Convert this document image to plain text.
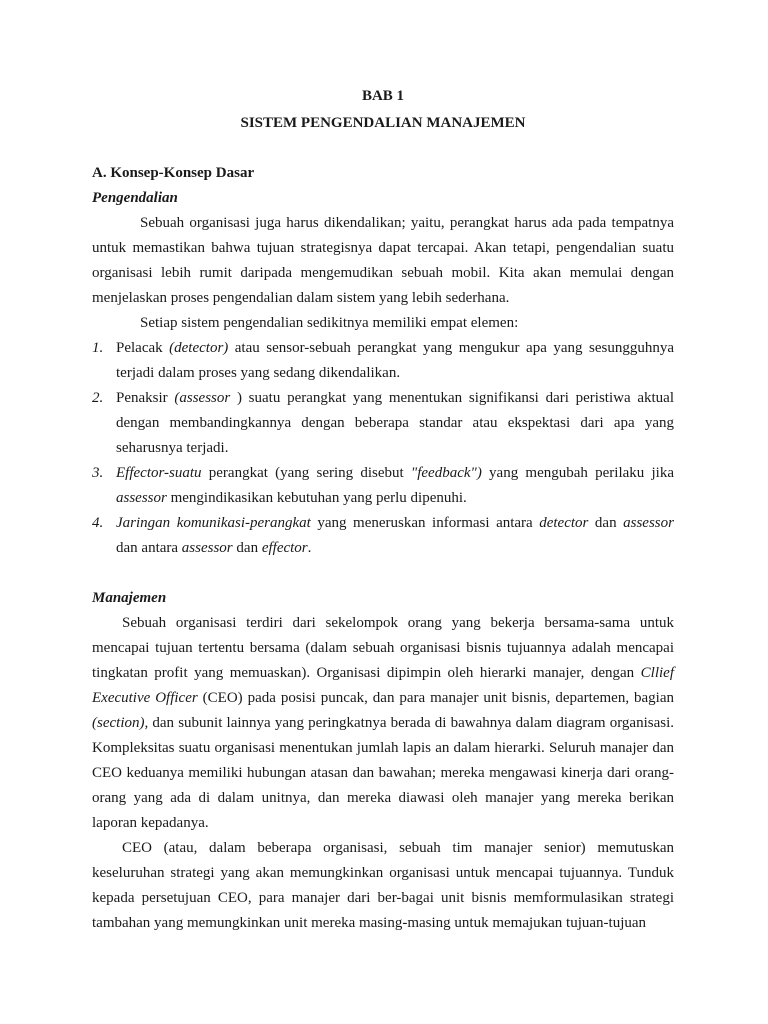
BAB 1
SISTEM PENGENDALIAN MANAJEMEN
A. Konsep-Konsep Dasar
Pengendalian

Sebuah organisasi juga harus dikendalikan; yaitu, perangkat harus ada pada tempatnya untuk memastikan bahwa tujuan strategisnya dapat tercapai. Akan tetapi, pengendalian suatu organisasi lebih rumit daripada mengemudikan sebuah mobil. Kita akan memulai dengan menjelaskan proses pengendalian dalam sistem yang lebih sederhana.

Setiap sistem pengendalian sedikitnya memiliki empat elemen:

1. Pelacak (detector) atau sensor-sebuah perangkat yang mengukur apa yang sesungguhnya terjadi dalam proses yang sedang dikendalikan.
2. Penaksir (assessor ) suatu perangkat yang menentukan signifikansi dari peristiwa aktual dengan membandingkannya dengan beberapa standar atau ekspektasi dari apa yang seharusnya terjadi.
3. Effector-suatu perangkat (yang sering disebut "feedback") yang mengubah perilaku jika assessor mengindikasikan kebutuhan yang perlu dipenuhi.
4. Jaringan komunikasi-perangkat yang meneruskan informasi antara detector dan assessor dan antara assessor dan effector.
Manajemen

Sebuah organisasi terdiri dari sekelompok orang yang bekerja bersama-sama untuk mencapai tujuan tertentu bersama (dalam sebuah organisasi bisnis tujuannya adalah mencapai tingkatan profit yang memuaskan). Organisasi dipimpin oleh hierarki manajer, dengan Cllief Executive Officer (CEO) pada posisi puncak, dan para manajer unit bisnis, departemen, bagian (section), dan subunit lainnya yang peringkatnya berada di bawahnya dalam diagram organisasi. Kompleksitas suatu organisasi menentukan jumlah lapis an dalam hierarki. Seluruh manajer dan CEO keduanya memiliki hubungan atasan dan bawahan; mereka mengawasi kinerja dari orang-orang yang ada di dalam unitnya, dan mereka diawasi oleh manajer yang mereka berikan laporan kepadanya.

CEO (atau, dalam beberapa organisasi, sebuah tim manajer senior) memutuskan keseluruhan strategi yang akan memungkinkan organisasi untuk mencapai tujuannya. Tunduk kepada persetujuan CEO, para manajer dari ber-bagai unit bisnis memformulasikan strategi tambahan yang memungkinkan unit mereka masing-masing untuk memajukan tujuan-tujuan
